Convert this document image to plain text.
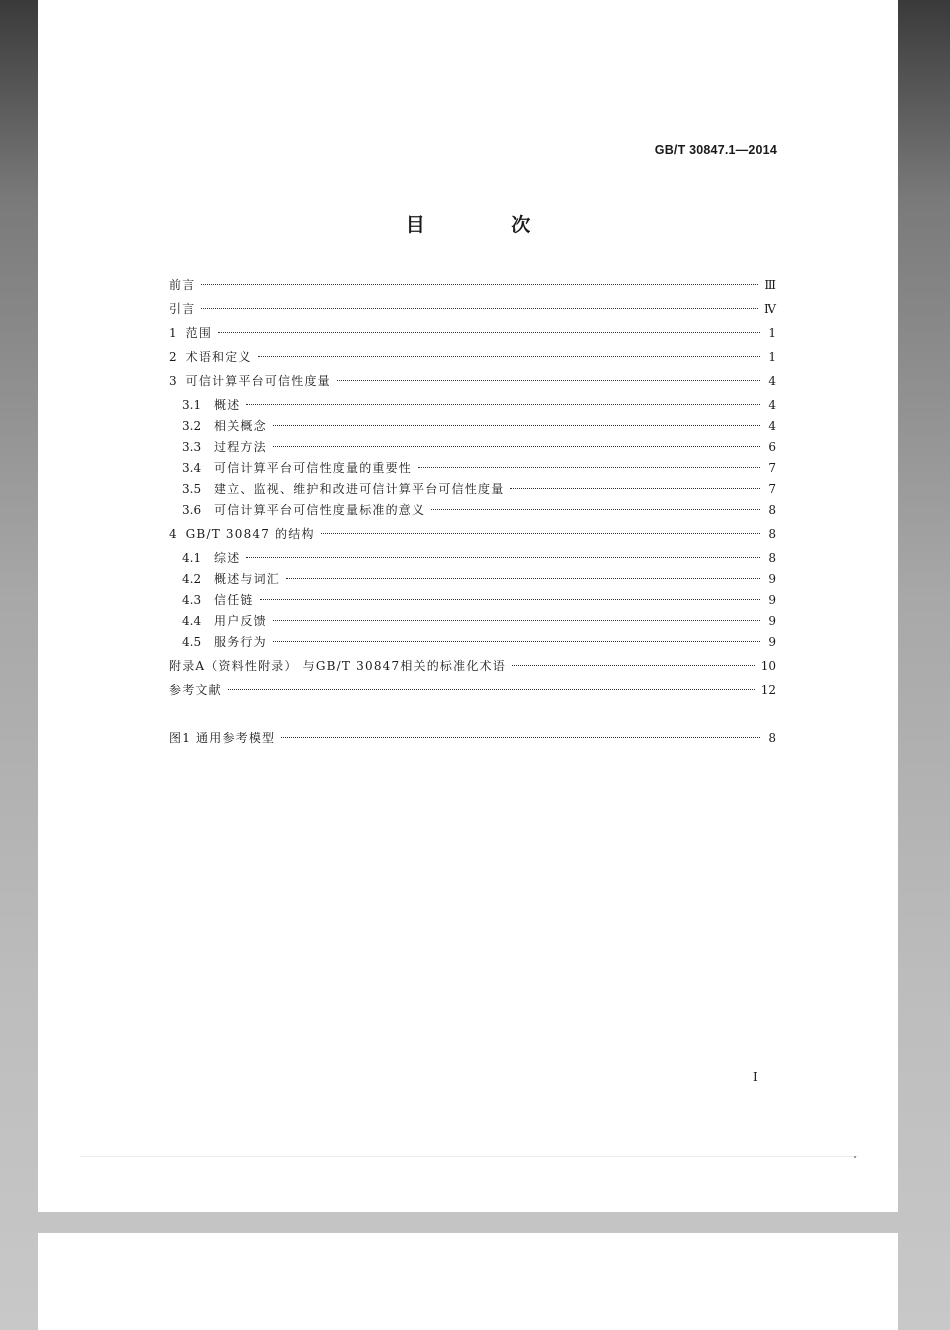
GB/T 30847.1—2014
目 次
前言	Ⅲ
引言	Ⅳ
1 范围	1
2 术语和定义	1
3 可信计算平台可信性度量	4
3.1	概述	4
3.2	相关概念	4
3.3	过程方法	6
3.4	可信计算平台可信性度量的重要性	7
3.5	建立、监视、维护和改进可信计算平台可信性度量	7
3.6	可信计算平台可信性度量标准的意义	8
4 GB/T 30847 的结构	8
4.1	综述	8
4.2	概述与词汇	9
4.3	信任链	9
4.4	用户反馈	9
4.5	服务行为	9
附录A（资料性附录） 与GB/T 30847相关的标准化术语	10
参考文献	12
图1 通用参考模型	8
I
